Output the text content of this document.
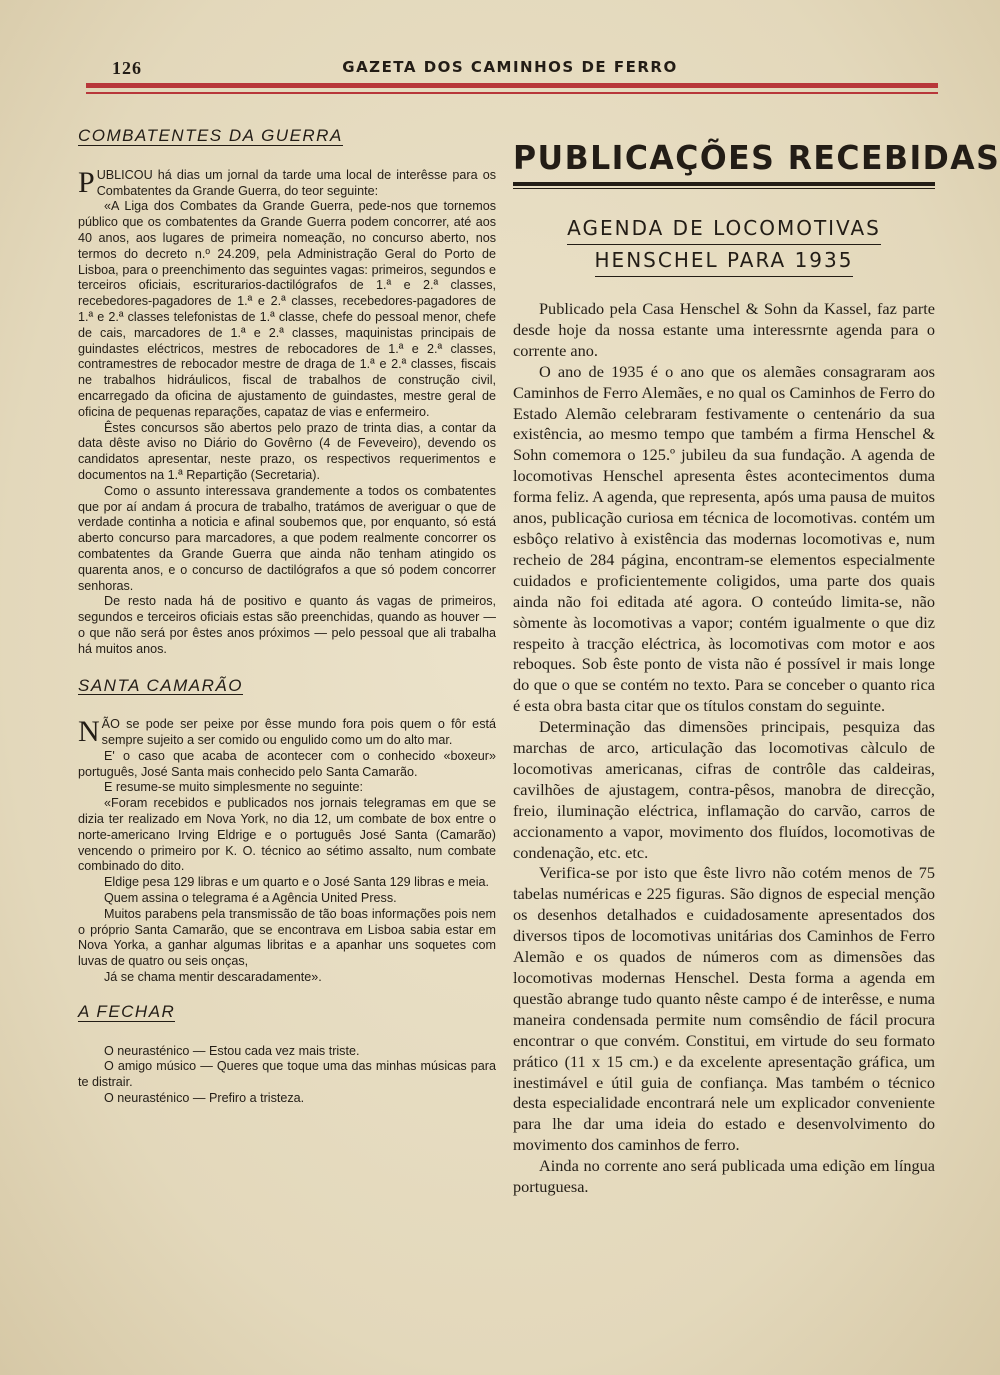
126	GAZETA DOS CAMINHOS DE FERRO
COMBATENTES DA GUERRA

PUBLICOU há dias um jornal da tarde uma local de interêsse para os Combatentes da Grande Guerra, do teor seguinte:

«A Liga dos Combates da Grande Guerra, pede-nos que tornemos público que os combatentes da Grande Guerra podem concorrer, até aos 40 anos, aos lugares de primeira nomeação, no concurso aberto, nos termos do decreto n.º 24.209, pela Administração Geral do Porto de Lisboa, para o preenchimento das seguintes vagas: primeiros, segundos e terceiros oficiais, escriturarios-dactilógrafos de 1.ª e 2.ª classes, recebedores-pagadores de 1.ª e 2.ª classes, recebedores-pagadores de 1.ª e 2.ª classes telefonistas de 1.ª classe, chefe do pessoal menor, chefe de cais, marcadores de 1.ª e 2.ª classes, maquinistas principais de guindastes eléctricos, mestres de rebocadores de 1.ª e 2.ª classes, contramestres de rebocador mestre de draga de 1.ª e 2.ª classes, fiscais ne trabalhos hidráulicos, fiscal de trabalhos de construção civil, encarregado da oficina de ajustamento de guindastes, mestre geral de oficina de pequenas reparações, capataz de vias e enfermeiro.

Êstes concursos são abertos pelo prazo de trinta dias, a contar da data dêste aviso no Diário do Govêrno (4 de Feveveiro), devendo os candidatos apresentar, neste prazo, os respectivos requerimentos e documentos na 1.ª Repartição (Secretaria).

Como o assunto interessava grandemente a todos os combatentes que por aí andam á procura de trabalho, tratámos de averiguar o que de verdade continha a noticia e afinal soubemos que, por enquanto, só está aberto concurso para marcadores, a que podem realmente concorrer os combatentes da Grande Guerra que ainda não tenham atingido os quarenta anos, e o concurso de dactilógrafos a que só podem concorrer senhoras.

De resto nada há de positivo e quanto ás vagas de primeiros, segundos e terceiros oficiais estas são preenchidas, quando as houver — o que não será por êstes anos próximos — pelo pessoal que ali trabalha há muitos anos.

SANTA CAMARÃO

NÃO se pode ser peixe por êsse mundo fora pois quem o fôr está sempre sujeito a ser comido ou engulido como um do alto mar.

E' o caso que acaba de acontecer com o conhecido «boxeur» português, José Santa mais conhecido pelo Santa Camarão.

E resume-se muito simplesmente no seguinte:

«Foram recebidos e publicados nos jornais telegramas em que se dizia ter realizado em Nova York, no dia 12, um combate de box entre o norte-americano Irving Eldrige e o português José Santa (Camarão) vencendo o primeiro por K. O. técnico ao sétimo assalto, num combate combinado do dito.

Eldige pesa 129 libras e um quarto e o José Santa 129 libras e meia.

Quem assina o telegrama é a Agência United Press.

Muitos parabens pela transmissão de tão boas informações pois nem o próprio Santa Camarão, que se encontrava em Lisboa sabia estar em Nova Yorka, a ganhar algumas libritas e a apanhar uns soquetes com luvas de quatro ou seis onças,

Já se chama mentir descaradamente».

A FECHAR

O neurasténico — Estou cada vez mais triste.

O amigo músico — Queres que toque uma das minhas músicas para te distrair.

O neurasténico — Prefiro a tristeza.

PUBLICAÇÕES RECEBIDAS
AGENDA DE LOCOMOTIVAS
HENSCHEL PARA 1935

Publicado pela Casa Henschel & Sohn da Kassel, faz parte desde hoje da nossa estante uma interessrnte agenda para o corrente ano.

O ano de 1935 é o ano que os alemães consagraram aos Caminhos de Ferro Alemães, e no qual os Caminhos de Ferro do Estado Alemão celebraram festivamente o centenário da sua existência, ao mesmo tempo que também a firma Henschel & Sohn comemora o 125.º jubileu da sua fundação. A agenda de locomotivas Henschel apresenta êstes acontecimentos duma forma feliz. A agenda, que representa, após uma pausa de muitos anos, publicação curiosa em técnica de locomotivas. contém um esbôço relativo à existência das modernas locomotivas e, num recheio de 284 página, encontram-se elementos especialmente cuidados e proficientemente coligidos, uma parte dos quais ainda não foi editada até agora. O conteúdo limita-se, não sòmente às locomotivas a vapor; contém igualmente o que diz respeito à tracção eléctrica, às locomotivas com motor e aos reboques. Sob êste ponto de vista não é possível ir mais longe do que o que se contém no texto. Para se conceber o quanto rica é esta obra basta citar que os títulos constam do seguinte.

Determinação das dimensões principais, pesquiza das marchas de arco, articulação das locomotivas càlculo de locomotivas americanas, cifras de contrôle das caldeiras, cavilhões de ajustagem, contra-pêsos, manobra de direcção, freio, iluminação eléctrica, inflamação do carvão, carros de accionamento a vapor, movimento dos fluídos, locomotivas de condenação, etc. etc.

Verifica-se por isto que êste livro não cotém menos de 75 tabelas numéricas e 225 figuras. São dignos de especial menção os desenhos detalhados e cuidadosamente apresentados dos diversos tipos de locomotivas unitárias dos Caminhos de Ferro Alemão e os quados de números com as dimensões das locomotivas modernas Henschel. Desta forma a agenda em questão abrange tudo quanto nêste campo é de interêsse, e numa maneira condensada permite num comsêndio de fácil procura encontrar o que convém. Constitui, em virtude do seu formato prático (11 x 15 cm.) e da excelente apresentação gráfica, um inestimável e útil guia de confiança. Mas também o técnico desta especialidade encontrará nele um explicador conveniente para lhe dar uma ideia do estado e desenvolvimento do movimento dos caminhos de ferro.

Ainda no corrente ano será publicada uma edição em língua portuguesa.
